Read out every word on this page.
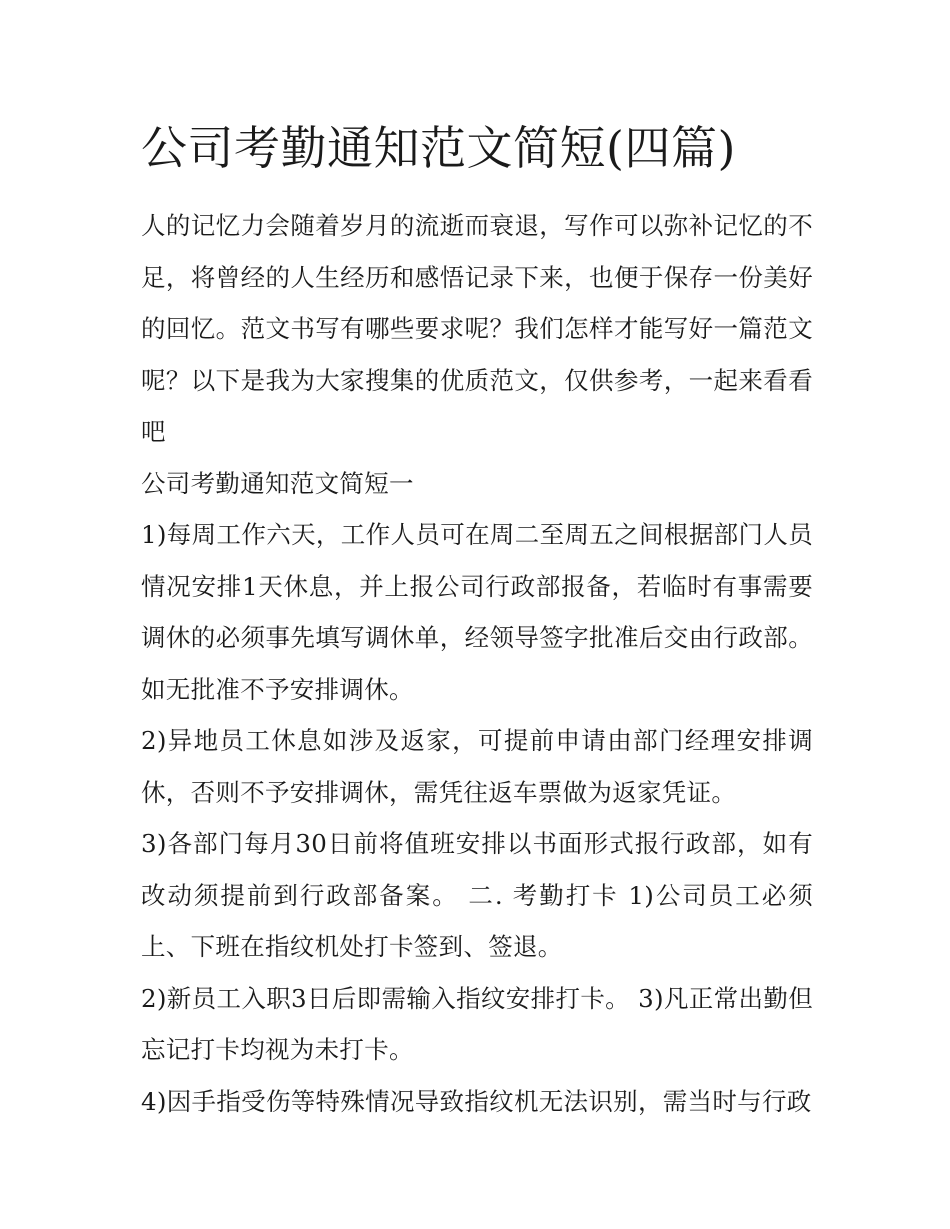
公司考勤通知范文简短(四篇)

人的记忆力会随着岁月的流逝而衰退，写作可以弥补记忆的不足，将曾经的人生经历和感悟记录下来，也便于保存一份美好的回忆。范文书写有哪些要求呢？我们怎样才能写好一篇范文呢？以下是我为大家搜集的优质范文，仅供参考，一起来看看吧

公司考勤通知范文简短一

1)每周工作六天，工作人员可在周二至周五之间根据部门人员情况安排1天休息，并上报公司行政部报备，若临时有事需要调休的必须事先填写调休单，经领导签字批准后交由行政部。如无批准不予安排调休。

2)异地员工休息如涉及返家，可提前申请由部门经理安排调休，否则不予安排调休，需凭往返车票做为返家凭证。

3)各部门每月30日前将值班安排以书面形式报行政部，如有改动须提前到行政部备案。 二. 考勤打卡 1)公司员工必须上、下班在指纹机处打卡签到、签退。

2)新员工入职3日后即需输入指纹安排打卡。 3)凡正常出勤但忘记打卡均视为未打卡。

4)因手指受伤等特殊情况导致指纹机无法识别，需当时与行政
